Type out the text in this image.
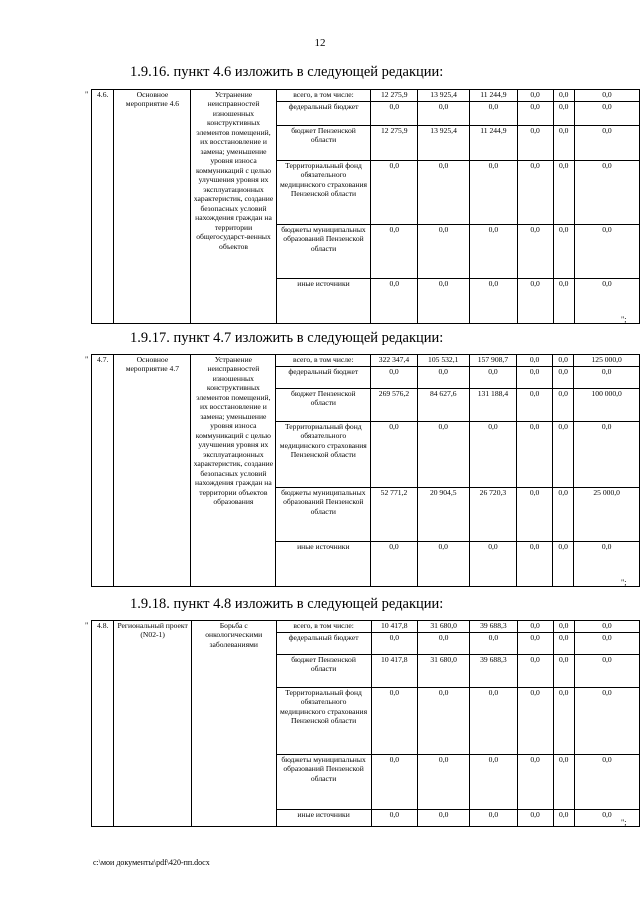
12
1.9.16. пункт 4.6 изложить в следующей редакции:
" 4.6.	Основное мероприятие 4.6	Устранение неисправностей изношенных конструктивных элементов помещений, их восстановление и замена; уменьшение уровня износа коммуникаций с целью улучшения уровня их эксплуатационных характеристик, создание безопасных условий нахождения граждан на территории общегосударст-венных объектов	всего, в том числе:	12 275,9	13 925,4	11 244,9	0,0	0,0	0,0
			федеральный бюджет	0,0	0,0	0,0	0,0	0,0	0,0
			бюджет Пензенской области	12 275,9	13 925,4	11 244,9	0,0	0,0	0,0
			Территориальный фонд обязательного медицинского страхования Пензенской области	0,0	0,0	0,0	0,0	0,0	0,0
			бюджеты муниципальных образований Пензенской области	0,0	0,0	0,0	0,0	0,0	0,0
			иные источники	0,0	0,0	0,0	0,0	0,0	0,0
";
1.9.17. пункт 4.7 изложить в следующей редакции:
" 4.7.	Основное мероприятие 4.7	Устранение неисправностей изношенных конструктивных элементов помещений, их восстановление и замена; уменьшение уровня износа коммуникаций с целью улучшения уровня их эксплуатационных характеристик, создание безопасных условий нахождения граждан на территории объектов образования	всего, в том числе:	322 347,4	105 532,1	157 908,7	0,0	0,0	125 000,0
			федеральный бюджет	0,0	0,0	0,0	0,0	0,0	0,0
			бюджет Пензенской области	269 576,2	84 627,6	131 188,4	0,0	0,0	100 000,0
			Территориальный фонд обязательного медицинского страхования Пензенской области	0,0	0,0	0,0	0,0	0,0	0,0
			бюджеты муниципальных образований Пензенской области	52 771,2	20 904,5	26 720,3	0,0	0,0	25 000,0
			иные источники	0,0	0,0	0,0	0,0	0,0	0,0
";
1.9.18. пункт 4.8 изложить в следующей редакции:
" 4.8.	Региональный проект (N02-1)	Борьба с онкологическими заболеваниями	всего, в том числе:	10 417,8	31 680,0	39 688,3	0,0	0,0	0,0
			федеральный бюджет	0,0	0,0	0,0	0,0	0,0	0,0
			бюджет Пензенской области	10 417,8	31 680,0	39 688,3	0,0	0,0	0,0
			Территориальный фонд обязательного медицинского страхования Пензенской области	0,0	0,0	0,0	0,0	0,0	0,0
			бюджеты муниципальных образований Пензенской области	0,0	0,0	0,0	0,0	0,0	0,0
			иные источники	0,0	0,0	0,0	0,0	0,0	0,0
";
c:\мои документы\pdf\420-пп.docx
